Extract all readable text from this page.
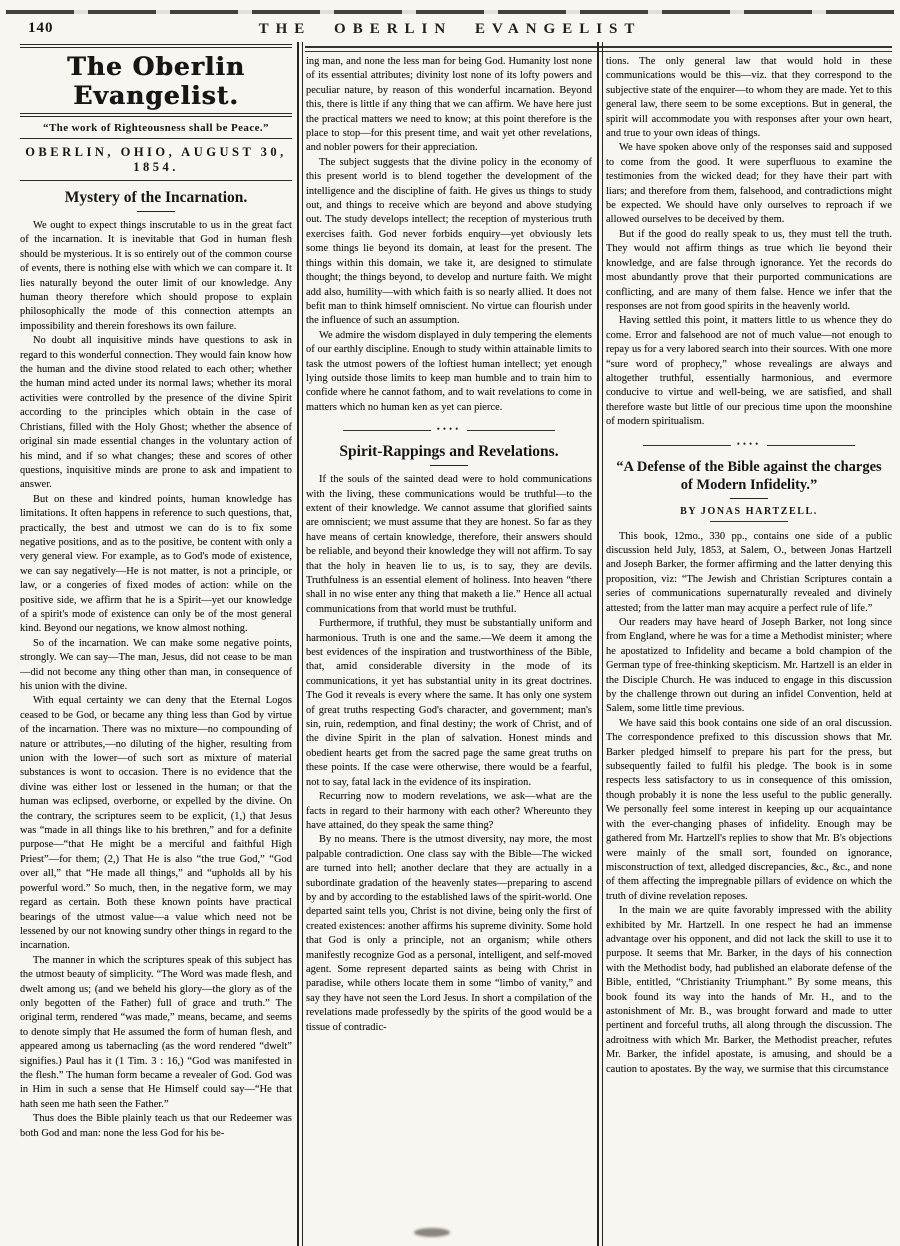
140	THE OBERLIN EVANGELIST
The Oberlin Evangelist.
“The work of Righteousness shall be Peace.”
OBERLIN, OHIO, AUGUST 30, 1854.
Mystery of the Incarnation.

We ought to expect things inscrutable to us in the great fact of the incarnation. It is inevitable that God in human flesh should be mysterious. It is so entirely out of the common course of events, there is nothing else with which we can compare it. It lies naturally beyond the outer limit of our knowledge. Any human theory therefore which should propose to explain philosophically the mode of this connection attempts an impossibility and therein foreshows its own failure.

No doubt all inquisitive minds have questions to ask in regard to this wonderful connection. They would fain know how the human and the divine stood related to each other; whether the human mind acted under its normal laws; whether its moral activities were controlled by the presence of the divine Spirit according to the principles which obtain in the case of Christians, filled with the Holy Ghost; whether the absence of original sin made essential changes in the voluntary action of his mind, and if so what changes; these and scores of other questions, inquisitive minds are prone to ask and impatient to answer.

But on these and kindred points, human knowledge has limitations. It often happens in reference to such questions, that, practically, the best and utmost we can do is to fix some negative positions, and as to the positive, be content with only a very general view. For example, as to God's mode of existence, we can say negatively—He is not matter, is not a principle, or law, or a congeries of fixed modes of action: while on the positive side, we affirm that he is a Spirit—yet our knowledge of a spirit's mode of existence can only be of the most general kind. Beyond our negations, we know almost nothing.

So of the incarnation. We can make some negative points, strongly. We can say—The man, Jesus, did not cease to be man—did not become any thing other than man, in consequence of his union with the divine.

With equal certainty we can deny that the Eternal Logos ceased to be God, or became any thing less than God by virtue of the incarnation. There was no mixture—no compounding of nature or attributes,—no diluting of the higher, resulting from union with the lower—of such sort as mixture of material substances is wont to occasion. There is no evidence that the divine was either lost or lessened in the human; or that the human was eclipsed, overborne, or expelled by the divine. On the contrary, the scriptures seem to be explicit, (1,) that Jesus was “made in all things like to his brethren,” and for a definite purpose—“that He might be a merciful and faithful High Priest”—for them; (2,) That He is also “the true God,” “God over all,” that “He made all things,” and “upholds all by his powerful word.” So much, then, in the negative form, we may regard as certain. Both these known points have practical bearings of the utmost value—a value which need not be lessened by our not knowing sundry other things in regard to the incarnation.

The manner in which the scriptures speak of this subject has the utmost beauty of simplicity. “The Word was made flesh, and dwelt among us; (and we beheld his glory—the glory as of the only begotten of the Father) full of grace and truth.” The original term, rendered “was made,” means, became, and seems to denote simply that He assumed the form of human flesh, and appeared among us tabernacling (as the word rendered “dwelt” signifies.) Paul has it (1 Tim. 3 : 16,) “God was manifested in the flesh.” The human form became a revealer of God. God was in Him in such a sense that He Himself could say—“He that hath seen me hath seen the Father.”

Thus does the Bible plainly teach us that our Redeemer was both God and man: none the less God for his be-

ing man, and none the less man for being God. Humanity lost none of its essential attributes; divinity lost none of its lofty powers and peculiar nature, by reason of this wonderful incarnation. Beyond this, there is little if any thing that we can affirm. We have here just the practical matters we need to know; at this point therefore is the place to stop—for this present time, and wait yet other revelations, and nobler powers for their appreciation.

The subject suggests that the divine policy in the economy of this present world is to blend together the development of the intelligence and the discipline of faith. He gives us things to study out, and things to receive which are beyond and above studying out. The study develops intellect; the reception of mysterious truth exercises faith. God never forbids enquiry—yet obviously lets some things lie beyond its domain, at least for the present. The things within this domain, we take it, are designed to stimulate thought; the things beyond, to develop and nurture faith. We might add also, humility—with which faith is so nearly allied. It does not befit man to think himself omniscient. No virtue can flourish under the influence of such an assumption.

We admire the wisdom displayed in duly tempering the elements of our earthly discipline. Enough to study within attainable limits to task the utmost powers of the loftiest human intellect; yet enough lying outside those limits to keep man humble and to train him to confide where he cannot fathom, and to wait revelations to come in matters which no human ken as yet can pierce.

••••
Spirit-Rappings and Revelations.

If the souls of the sainted dead were to hold communications with the living, these communications would be truthful—to the extent of their knowledge. We cannot assume that glorified saints are omniscient; we must assume that they are honest. So far as they have means of certain knowledge, therefore, their answers should be reliable, and beyond their knowledge they will not affirm. To say that the holy in heaven lie to us, is to say, they are devils. Truthfulness is an essential element of holiness. Into heaven “there shall in no wise enter any thing that maketh a lie.” Hence all actual communications from that world must be truthful.

Furthermore, if truthful, they must be substantially uniform and harmonious. Truth is one and the same.—We deem it among the best evidences of the inspiration and trustworthiness of the Bible, that, amid considerable diversity in the mode of its communications, it yet has substantial unity in its great doctrines. The God it reveals is every where the same. It has only one system of great truths respecting God's character, and government; man's sin, ruin, redemption, and final destiny; the work of Christ, and of the divine Spirit in the plan of salvation. Honest minds and obedient hearts get from the sacred page the same great truths on these points. If the case were otherwise, there would be a fearful, not to say, fatal lack in the evidence of its inspiration.

Recurring now to modern revelations, we ask—what are the facts in regard to their harmony with each other? Whereunto they have attained, do they speak the same thing?

By no means. There is the utmost diversity, nay more, the most palpable contradiction. One class say with the Bible—The wicked are turned into hell; another declare that they are actually in a subordinate gradation of the heavenly states—preparing to ascend by and by according to the established laws of the spirit-world. One departed saint tells you, Christ is not divine, being only the first of created existences: another affirms his supreme divinity. Some hold that God is only a principle, not an organism; while others manifestly recognize God as a personal, intelligent, and self-moved agent. Some represent departed saints as being with Christ in paradise, while others locate them in some “limbo of vanity,” and say they have not seen the Lord Jesus. In short a compilation of the revelations made professedly by the spirits of the good would be a tissue of contradic-

tions. The only general law that would hold in these communications would be this—viz. that they correspond to the subjective state of the enquirer—to whom they are made. Yet to this general law, there seem to be some exceptions. But in general, the spirit will accommodate you with responses after your own heart, and true to your own ideas of things.

We have spoken above only of the responses said and supposed to come from the good. It were superfluous to examine the testimonies from the wicked dead; for they have their part with liars; and therefore from them, falsehood, and contradictions might be expected. We should have only ourselves to reproach if we allowed ourselves to be deceived by them.

But if the good do really speak to us, they must tell the truth. They would not affirm things as true which lie beyond their knowledge, and are false through ignorance. Yet the records do most abundantly prove that their purported communications are conflicting, and are many of them false. Hence we infer that the responses are not from good spirits in the heavenly world.

Having settled this point, it matters little to us whence they do come. Error and falsehood are not of much value—not enough to repay us for a very labored search into their sources. With one more “sure word of prophecy,” whose revealings are always and altogether truthful, essentially harmonious, and evermore conducive to virtue and well-being, we are satisfied, and shall therefore waste but little of our precious time upon the moonshine of modern spiritualism.

••••
“A Defense of the Bible against the charges of Modern Infidelity.”
BY JONAS HARTZELL.

This book, 12mo., 330 pp., contains one side of a public discussion held July, 1853, at Salem, O., between Jonas Hartzell and Joseph Barker, the former affirming and the latter denying this proposition, viz: “The Jewish and Christian Scriptures contain a series of communications supernaturally revealed and divinely attested; from the latter man may acquire a perfect rule of life.”

Our readers may have heard of Joseph Barker, not long since from England, where he was for a time a Methodist minister; where he apostatized to Infidelity and became a bold champion of the German type of free-thinking skepticism. Mr. Hartzell is an elder in the Disciple Church. He was induced to engage in this discussion by the challenge thrown out during an infidel Convention, held at Salem, some little time previous.

We have said this book contains one side of an oral discussion. The correspondence prefixed to this discussion shows that Mr. Barker pledged himself to prepare his part for the press, but subsequently failed to fulfil his pledge. The book is in some respects less satisfactory to us in consequence of this omission, though probably it is none the less useful to the public generally. We personally feel some interest in keeping up our acquaintance with the ever-changing phases of infidelity. Enough may be gathered from Mr. Hartzell's replies to show that Mr. B's objections were mainly of the small sort, founded on ignorance, misconstruction of text, alledged discrepancies, &c., &c., and none of them affecting the impregnable pillars of evidence on which the truth of divine revelation reposes.

In the main we are quite favorably impressed with the ability exhibited by Mr. Hartzell. In one respect he had an immense advantage over his opponent, and did not lack the skill to use it to purpose. It seems that Mr. Barker, in the days of his connection with the Methodist body, had published an elaborate defense of the Bible, entitled, “Christianity Triumphant.” By some means, this book found its way into the hands of Mr. H., and to the astonishment of Mr. B., was brought forward and made to utter pertinent and forceful truths, all along through the discussion. The adroitness with which Mr. Barker, the Methodist preacher, refutes Mr. Barker, the infidel apostate, is amusing, and should be a caution to apostates. By the way, we surmise that this circumstance
